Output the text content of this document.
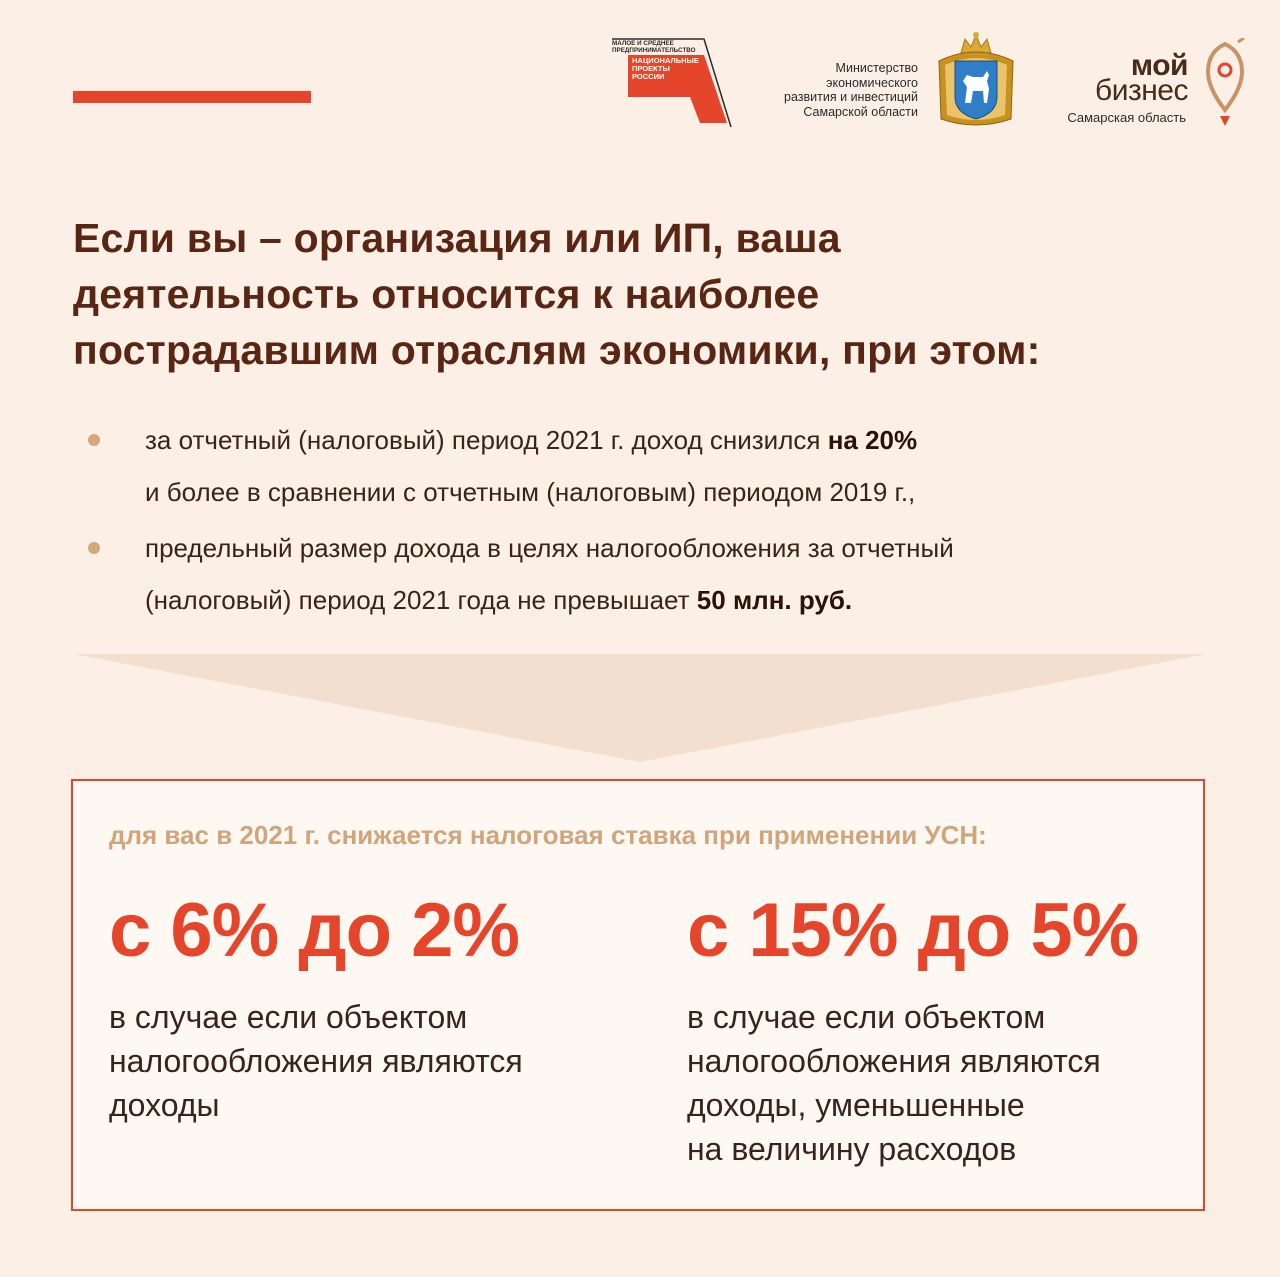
МАЛОЕ И СРЕДНЕЕ
ПРЕДПРИНИМАТЕЛЬСТВО
НАЦИОНАЛЬНЫЕ
ПРОЕКТЫ
РОССИИ
Министерство
экономического
развития и инвестиций
Самарской области
мой
бизнес
Самарская область
Если вы – организация или ИП, ваша
деятельность относится к наиболее
пострадавшим отраслям экономики, при этом:
за отчетный (налоговый) период 2021 г. доход снизился на 20%
и более в сравнении с отчетным (налоговым) периодом 2019 г.,
предельный размер дохода в целях налогообложения за отчетный
(налоговый) период 2021 года не превышает 50 млн. руб.
для вас в 2021 г. снижается налоговая ставка при применении УСН:
с 6% до 2%
в случае если объектом
налогообложения являются
доходы
с 15% до 5%
в случае если объектом
налогообложения являются
доходы, уменьшенные
на величину расходов
